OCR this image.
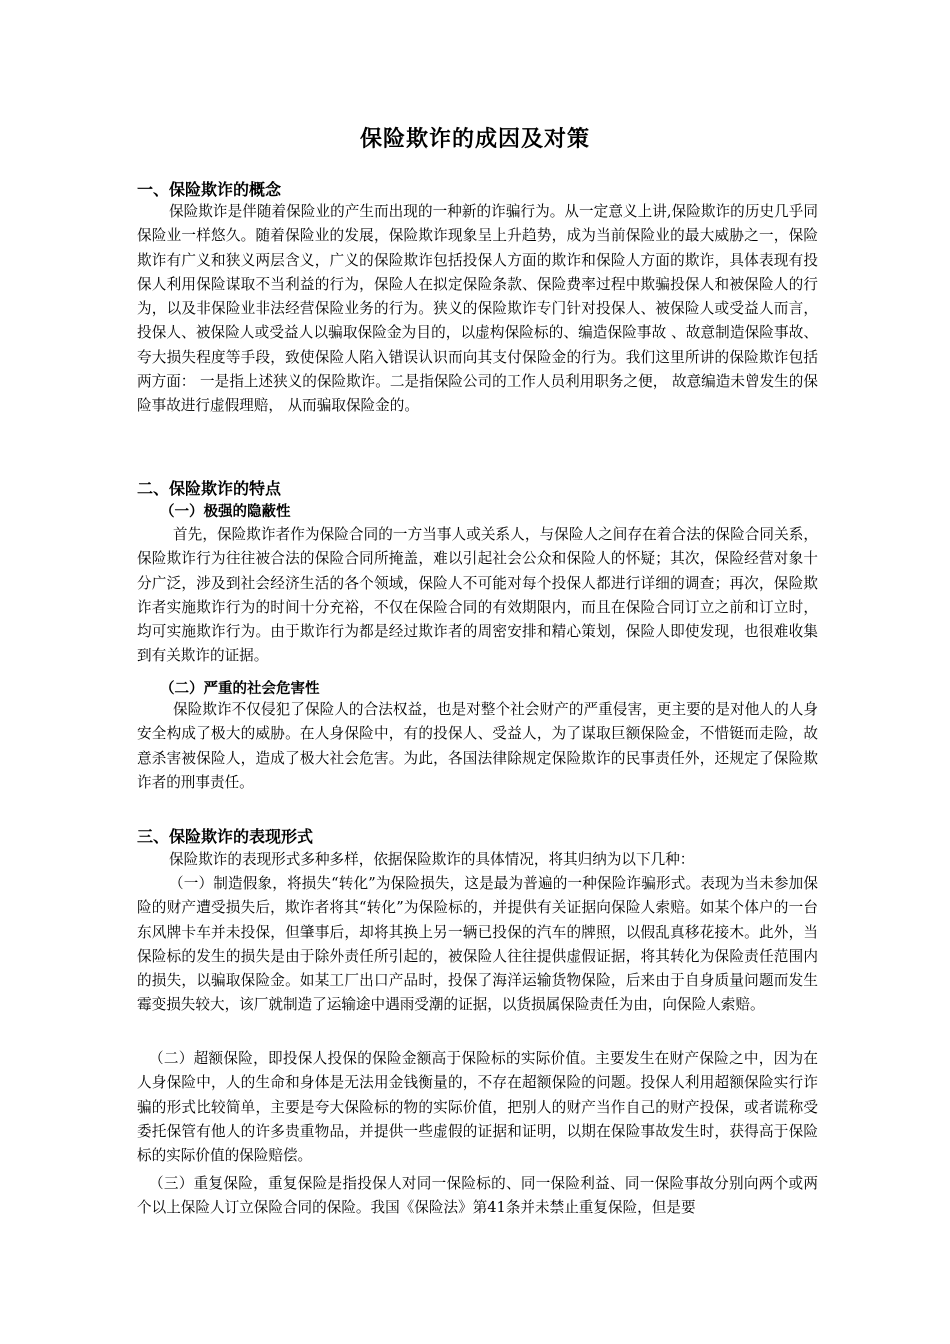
保险欺诈的成因及对策
一、保险欺诈的概念

保险欺诈是伴随着保险业的产生而出现的一种新的诈骗行为。从一定意义上讲,保险欺诈的历史几乎同保险业一样悠久。随着保险业的发展，保险欺诈现象呈上升趋势，成为当前保险业的最大威胁之一，保险欺诈有广义和狭义两层含义，广义的保险欺诈包括投保人方面的欺诈和保险人方面的欺诈，具体表现有投保人利用保险谋取不当利益的行为，保险人在拟定保险条款、保险费率过程中欺骗投保人和被保险人的行为，以及非保险业非法经营保险业务的行为。狭义的保险欺诈专门针对投保人、被保险人或受益人而言，投保人、被保险人或受益人以骗取保险金为目的，以虚构保险标的、编造保险事故 、故意制造保险事故、夸大损失程度等手段，致使保险人陷入错误认识而向其支付保险金的行为。我们这里所讲的保险欺诈包括两方面： 一是指上述狭义的保险欺诈。二是指保险公司的工作人员利用职务之便， 故意编造未曾发生的保险事故进行虚假理赔， 从而骗取保险金的。

二、保险欺诈的特点
（一）极强的隐蔽性

首先，保险欺诈者作为保险合同的一方当事人或关系人，与保险人之间存在着合法的保险合同关系，保险欺诈行为往往被合法的保险合同所掩盖，难以引起社会公众和保险人的怀疑；其次，保险经营对象十分广泛，涉及到社会经济生活的各个领域，保险人不可能对每个投保人都进行详细的调查；再次，保险欺诈者实施欺诈行为的时间十分充裕，不仅在保险合同的有效期限内，而且在保险合同订立之前和订立时，均可实施欺诈行为。由于欺诈行为都是经过欺诈者的周密安排和精心策划，保险人即使发现，也很难收集到有关欺诈的证据。

（二）严重的社会危害性

保险欺诈不仅侵犯了保险人的合法权益，也是对整个社会财产的严重侵害，更主要的是对他人的人身安全构成了极大的威胁。在人身保险中，有的投保人、受益人，为了谋取巨额保险金，不惜铤而走险，故意杀害被保险人，造成了极大社会危害。为此，各国法律除规定保险欺诈的民事责任外，还规定了保险欺诈者的刑事责任。

三、保险欺诈的表现形式

保险欺诈的表现形式多种多样，依据保险欺诈的具体情况，将其归纳为以下几种：

（一）制造假象，将损失“转化”为保险损失，这是最为普遍的一种保险诈骗形式。表现为当未参加保险的财产遭受损失后，欺诈者将其“转化”为保险标的，并提供有关证据向保险人索赔。如某个体户的一台东风牌卡车并未投保，但肇事后，却将其换上另一辆已投保的汽车的牌照，以假乱真移花接木。此外，当保险标的发生的损失是由于除外责任所引起的，被保险人往往提供虚假证据，将其转化为保险责任范围内的损失，以骗取保险金。如某工厂出口产品时，投保了海洋运输货物保险，后来由于自身质量问题而发生霉变损失较大，该厂就制造了运输途中遇雨受潮的证据，以货损属保险责任为由，向保险人索赔。

（二）超额保险，即投保人投保的保险金额高于保险标的实际价值。主要发生在财产保险之中，因为在人身保险中，人的生命和身体是无法用金钱衡量的，不存在超额保险的问题。投保人利用超额保险实行诈骗的形式比较简单，主要是夸大保险标的物的实际价值，把别人的财产当作自己的财产投保，或者谎称受委托保管有他人的许多贵重物品，并提供一些虚假的证据和证明，以期在保险事故发生时，获得高于保险标的实际价值的保险赔偿。

（三）重复保险，重复保险是指投保人对同一保险标的、同一保险利益、同一保险事故分别向两个或两个以上保险人订立保险合同的保险。我国《保险法》第41条并未禁止重复保险，但是要
